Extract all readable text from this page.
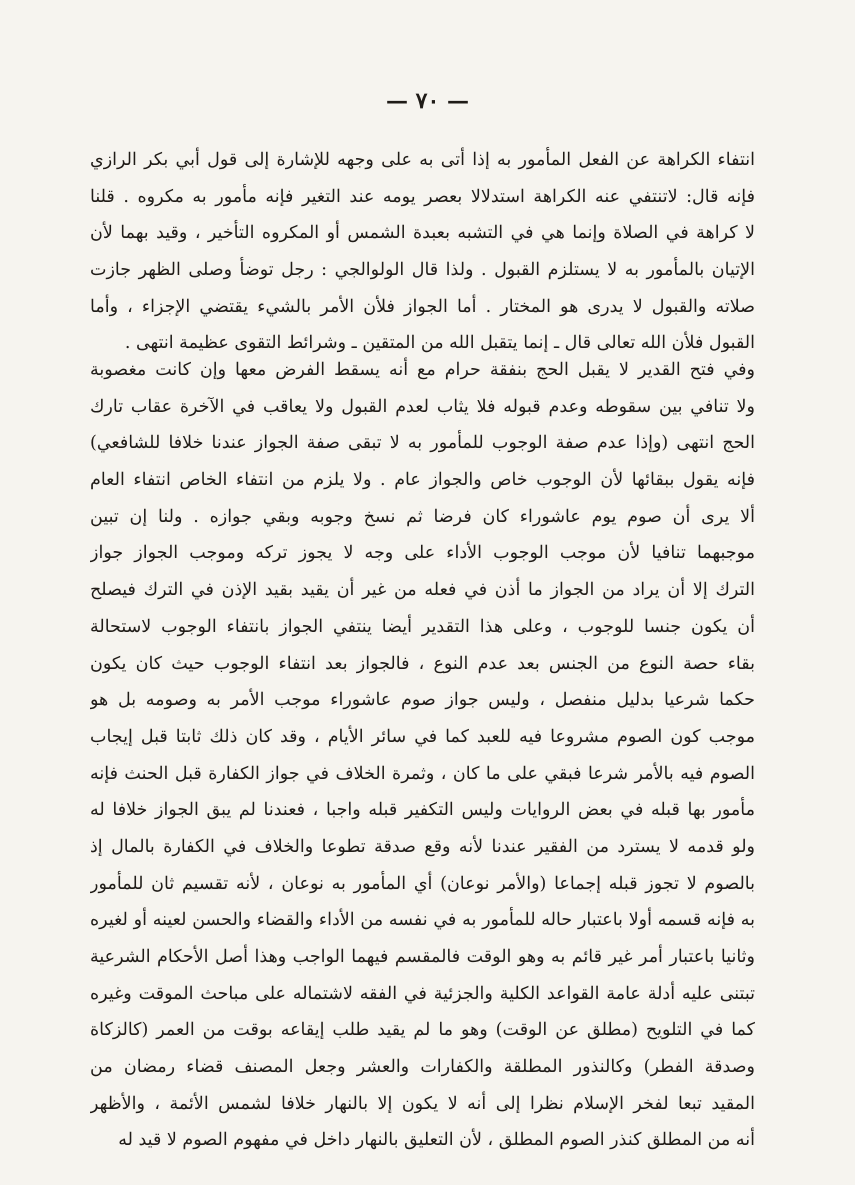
— ٧٠ —
انتفاء الكراهة عن الفعل المأمور به إذا أتى به على وجهه للإشارة إلى قول أبي بكر الرازي
فإنه قال: لاتنتفي عنه الكراهة استدلالا بعصر يومه عند التغير فإنه مأمور به مكروه . قلنا
لا كراهة في الصلاة وإنما هي في التشبه بعبدة الشمس أو المكروه التأخير ، وقيد بهما لأن
الإتيان بالمأمور به لا يستلزم القبول . ولذا قال الولوالجي : رجل توضأ وصلى الظهر جازت
صلاته والقبول لا يدرى هو المختار . أما الجواز فلأن الأمر بالشيء يقتضي الإجزاء ، وأما
القبول فلأن الله تعالى قال ـ إنما يتقبل الله من المتقين ـ وشرائط التقوى عظيمة انتهى .
وفي فتح القدير لا يقبل الحج بنفقة حرام مع أنه يسقط الفرض معها وإن كانت مغصوبة
ولا تنافي بين سقوطه وعدم قبوله فلا يثاب لعدم القبول ولا يعاقب في الآخرة عقاب تارك
الحج انتهى (وإذا عدم صفة الوجوب للمأمور به لا تبقى صفة الجواز عندنا خلافا للشافعي)
فإنه يقول ببقائها لأن الوجوب خاص والجواز عام . ولا يلزم من انتفاء الخاص انتفاء العام
ألا يرى أن صوم يوم عاشوراء كان فرضا ثم نسخ وجوبه وبقي جوازه . ولنا إن تبين
موجبهما تنافيا لأن موجب الوجوب الأداء على وجه لا يجوز تركه وموجب الجواز جواز
الترك إلا أن يراد من الجواز ما أذن في فعله من غير أن يقيد بقيد الإذن في الترك فيصلح
أن يكون جنسا للوجوب ، وعلى هذا التقدير أيضا ينتفي الجواز بانتفاء الوجوب لاستحالة
بقاء حصة النوع من الجنس بعد عدم النوع ، فالجواز بعد انتفاء الوجوب حيث كان يكون
حكما شرعيا بدليل منفصل ، وليس جواز صوم عاشوراء موجب الأمر به وصومه بل هو
موجب كون الصوم مشروعا فيه للعبد كما في سائر الأيام ، وقد كان ذلك ثابتا قبل إيجاب
الصوم فيه بالأمر شرعا فبقي على ما كان ، وثمرة الخلاف في جواز الكفارة قبل الحنث فإنه
مأمور بها قبله في بعض الروايات وليس التكفير قبله واجبا ، فعندنا لم يبق الجواز خلافا له
ولو قدمه لا يسترد من الفقير عندنا لأنه وقع صدقة تطوعا والخلاف في الكفارة بالمال إذ
بالصوم لا تجوز قبله إجماعا (والأمر نوعان) أي المأمور به نوعان ، لأنه تقسيم ثان للمأمور
به فإنه قسمه أولا باعتبار حاله للمأمور به في نفسه من الأداء والقضاء والحسن لعينه أو لغيره
وثانيا باعتبار أمر غير قائم به وهو الوقت فالمقسم فيهما الواجب وهذا أصل الأحكام الشرعية
تبتنى عليه أدلة عامة القواعد الكلية والجزئية في الفقه لاشتماله على مباحث الموقت وغيره
كما في التلويح (مطلق عن الوقت) وهو ما لم يقيد طلب إيقاعه بوقت من العمر (كالزكاة
وصدقة الفطر) وكالنذور المطلقة والكفارات والعشر وجعل المصنف قضاء رمضان من
المقيد تبعا لفخر الإسلام نظرا إلى أنه لا يكون إلا بالنهار خلافا لشمس الأئمة ، والأظهر
أنه من المطلق كنذر الصوم المطلق ، لأن التعليق بالنهار داخل في مفهوم الصوم لا قيد له
